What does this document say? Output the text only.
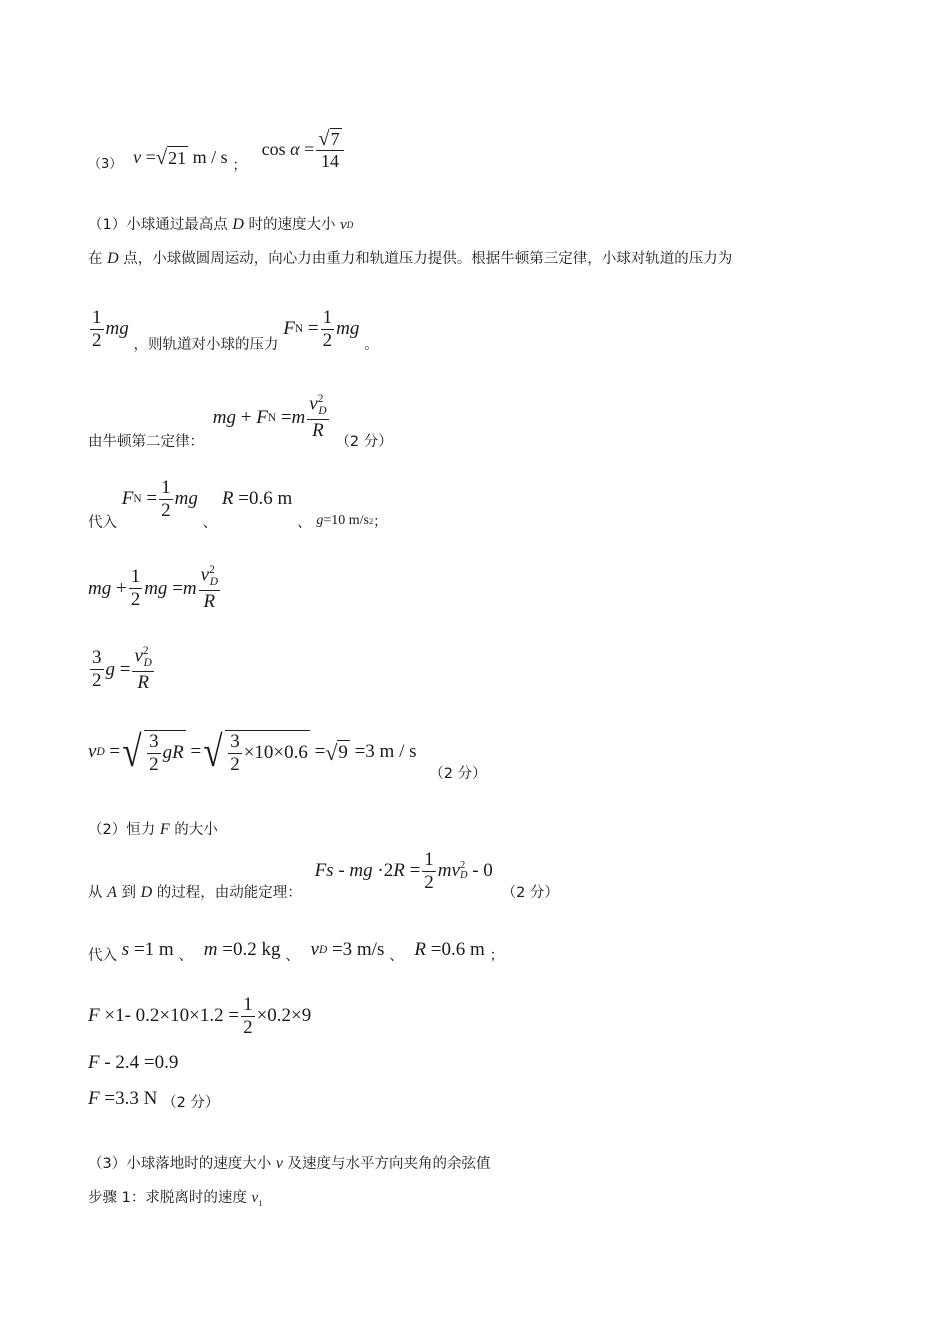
（3） v = √ 21 m / s ； $\cos \alpha = \frac{√ 7}{14}$
（1）小球通过最高点 D 时的速度大小 v D
在 D 点，小球做圆周运动，向心力由重力和轨道压力提供。根据牛顿第三定律，小球对轨道的压力为
$\frac{1}{2}$ mg
，则轨道对小球的压力
F $N = \frac{1}{2}$ mg
。
由牛顿第二定律：
mg + F N = m $\frac{v^2_D}{R}$
（2 分）
代入
F $N = \frac{1}{2}$ mg
、
R =0.6 m 、 g =10 m/s 2 ；
mg + $\frac{1}{2}$ mg = m $\frac{v^2_D}{R}$
$\frac{3}{2}$ $g = \frac{v^2_D}{R}$
v D = √ $\frac{3}{2}$ gR = √ $\frac{3}{2} \times 10\times 0.6$ = √ 9 =3 m / s （2 分）
（2）恒力 F 的大小
从 A 到 D 的过程，由动能定理：
Fs - mg ·2 $R = \frac{1}{2}$ mv 2
D - 0 （2 分）
代入 s =1 m 、 m =0.2 kg 、 v D =3 m/s 、 R =0.6 m ；
F ×1- $0.2\times 10\times 1.2 = \frac{1}{2} \times 0.2\times 9$
F - 2.4 =0.9
F =3.3 N （2 分）
（3）小球落地时的速度大小 v 及速度与水平方向夹角的余弦值
步骤 1：求脱离时的速度 $v_1$
